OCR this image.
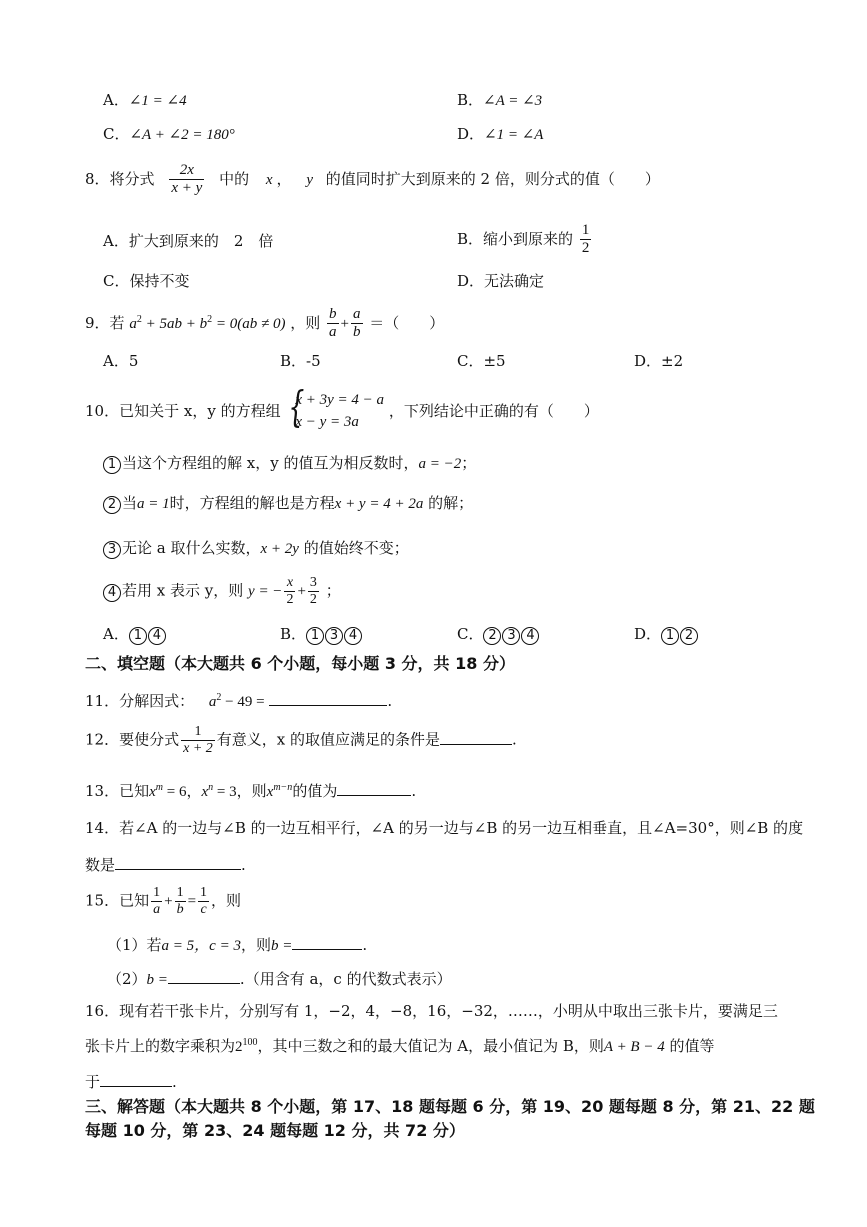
A．∠1 = ∠4	B．∠A = ∠3
C．∠A + ∠2 = 180°	D．∠1 = ∠A
8．将分式 $\frac{2x}{x + y}$ 中的 x ， y 的值同时扩大到原来的 2 倍，则分式的值（　　）
A．扩大到原来的　2　倍	B．缩小到原来的 $\frac{1}{2}$
C．保持不变	D．无法确定
9．若 $a^2 + 5ab + b^2 = 0(ab \ne 0)$ ，则 $\frac{b}{a} + \frac{a}{b}$ ＝（　　）
A．5	B．-5	C．±5	D．±2
10．已知关于 x，y 的方程组 {
x + 3y = 4 − a
x − y = 3a
，下列结论中正确的有（　　）
1 当这个方程组的解 x，y 的值互为相反数时，a = −2；
2 当a = 1时，方程组的解也是方程x + y = 4 + 2a 的解；
3 无论 a 取什么实数，x + 2y 的值始终不变；
4 若用 x 表示 y，则 y = − $\frac{x}{2} + \frac{3}{2}$ ；
A． 1 4	B． 1 3 4	C． 2 3 4	D． 1 2
二、填空题（本大题共 6 个小题，每小题 3 分，共 18 分）
11．分解因式： $a^2 - 49$ =	.
12．要使分式 $\frac{1}{x + 2}$ 有意义，x 的取值应满足的条件是	.
13．已知$x^m = 6$，$x^n = 3$，则$x^{m-n}$的值为	.
14．若∠A 的一边与∠B 的一边互相平行，∠A 的另一边与∠B 的另一边互相垂直，且∠A=30°，则∠B 的度
数是	.
15．已知 $\frac{1}{a} + \frac{1}{b} = \frac{1}{c}$ ，则
（1）若a = 5，c = 3，则b =	.
（2）b =	.（用含有 a，c 的代数式表示）
16．现有若干张卡片，分别写有 1，−2，4，−8，16，−32，……，小明从中取出三张卡片，要满足三
张卡片上的数字乘积为$2^{100}$，其中三数之和的最大值记为 A，最小值记为 B，则A + B − 4 的值等
于	.
三、解答题（本大题共 8 个小题，第 17、18 题每题 6 分，第 19、20 题每题 8 分，第 21、22 题
每题 10 分，第 23、24 题每题 12 分，共 72 分）
